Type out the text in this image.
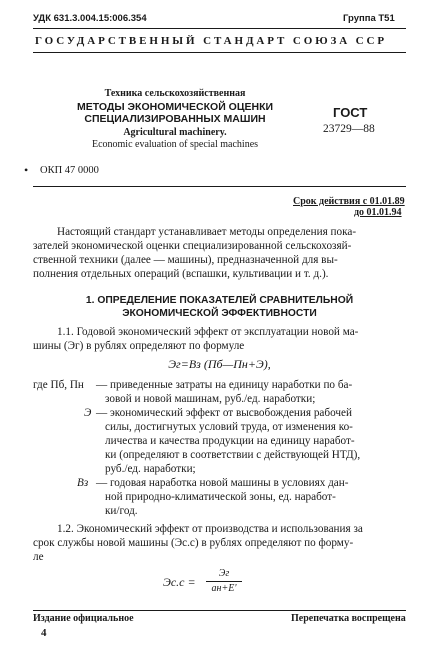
УДК 631.3.004.15:006.354	Группа Т51
ГОСУДАРСТВЕННЫЙ СТАНДАРТ СОЮЗА ССР
Техника сельскохозяйственная
МЕТОДЫ ЭКОНОМИЧЕСКОЙ ОЦЕНКИ
СПЕЦИАЛИЗИРОВАННЫХ МАШИН
Agricultural machinery.
Economic evaluation of special machines
ГОСТ
23729—88
• ОКП 47 0000
Срок действия с 01.01.89
до 01.01.94
Настоящий стандарт устанавливает методы определения пока-
зателей экономической оценки специализированной сельскохозяй-
ственной техники (далее — машины), предназначенной для вы-
полнения отдельных операций (вспашки, культивации и т. д.).
1. ОПРЕДЕЛЕНИЕ ПОКАЗАТЕЛЕЙ СРАВНИТЕЛЬНОЙ
ЭКОНОМИЧЕСКОЙ ЭФФЕКТИВНОСТИ
1.1. Годовой экономический эффект от эксплуатации новой ма-
шины (Эг) в рублях определяют по формуле
Эг=Вз (Пб—Пн+Э),
где Пб, Пн — приведенные затраты на единицу наработки по ба-
зовой и новой машинам, руб./ед. наработки;
Э — экономический эффект от высвобождения рабочей
силы, достигнутых условий труда, от изменения ко-
личества и качества продукции на единицу наработ-
ки (определяют в соответствии с действующей НТД),
руб./ед. наработки;
Вз — годовая наработка новой машины в условиях дан-
ной природно-климатической зоны, ед. наработ-
ки/год.
1.2. Экономический эффект от производства и использования за
срок службы новой машины (Эс.с) в рублях определяют по форму-
ле
Эс.с =
Эг
ан+Е'
Издание официальное	Перепечатка воспрещена
4
